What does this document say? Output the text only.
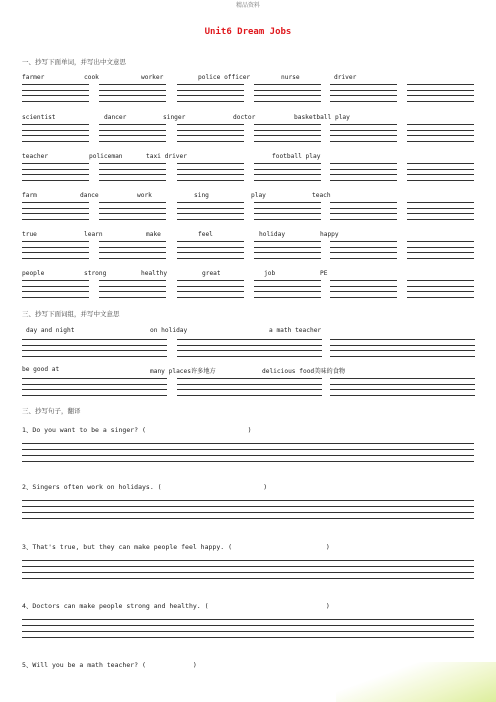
精品资料
Unit6 Dream Jobs
一、抄写下面单词，并写出中文意思
三、抄写下面词组，并写中文意思
三、抄写句子，翻译
farmer	cook	worker	police officer	nurse	driver
scientist	dancer	singer	doctor	basketball play
teacher	policeman	taxi driver	football play
farm	dance	work	sing	play	teach
true	learn	make	feel	holiday	happy
people	strong	healthy	great	job	PE
day and night	on holiday	a math teacher
be good at	many places许多地方	delicious food美味的食物
1、Do you want to be a singer? (                          )
2、Singers often work on holidays. (                          )
3、That's true, but they can make people feel happy. (                        )
4、Doctors can make people strong and healthy. (                              )
5、Will you be a math teacher? (            )
